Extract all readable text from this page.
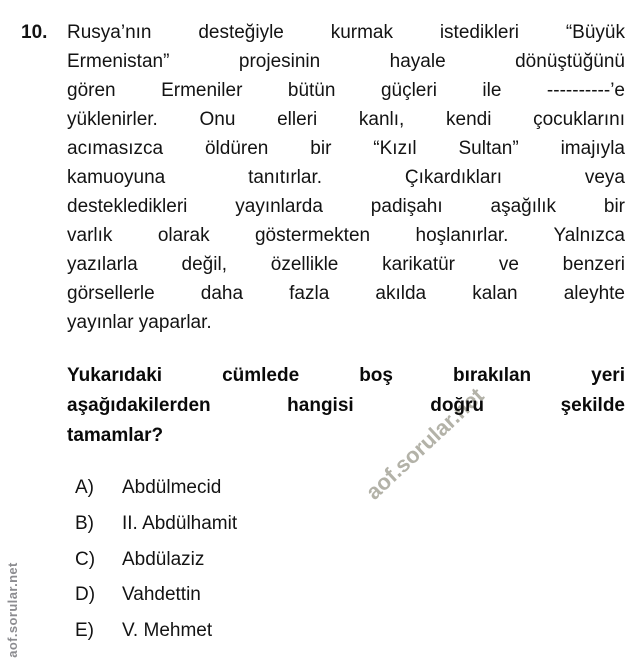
aof.sorular.net
aof.sorular.net
10. Rusya’nın desteğiyle kurmak istedikleri “Büyük
Ermenistan” projesinin hayale dönüştüğünü
gören Ermeniler bütün güçleri ile ----------’e
yüklenirler. Onu elleri kanlı, kendi çocuklarını
acımasızca öldüren bir “Kızıl Sultan” imajıyla
kamuoyuna tanıtırlar. Çıkardıkları veya
destekledikleri yayınlarda padişahı aşağılık bir
varlık olarak göstermekten hoşlanırlar. Yalnızca
yazılarla değil, özellikle karikatür ve benzeri
görsellerle daha fazla akılda kalan aleyhte
yayınlar yaparlar.
Yukarıdaki cümlede boş bırakılan yeri
aşağıdakilerden hangisi doğru şekilde
tamamlar?
A)	Abdülmecid
B)	II. Abdülhamit
C)	Abdülaziz
D)	Vahdettin
E)	V. Mehmet
